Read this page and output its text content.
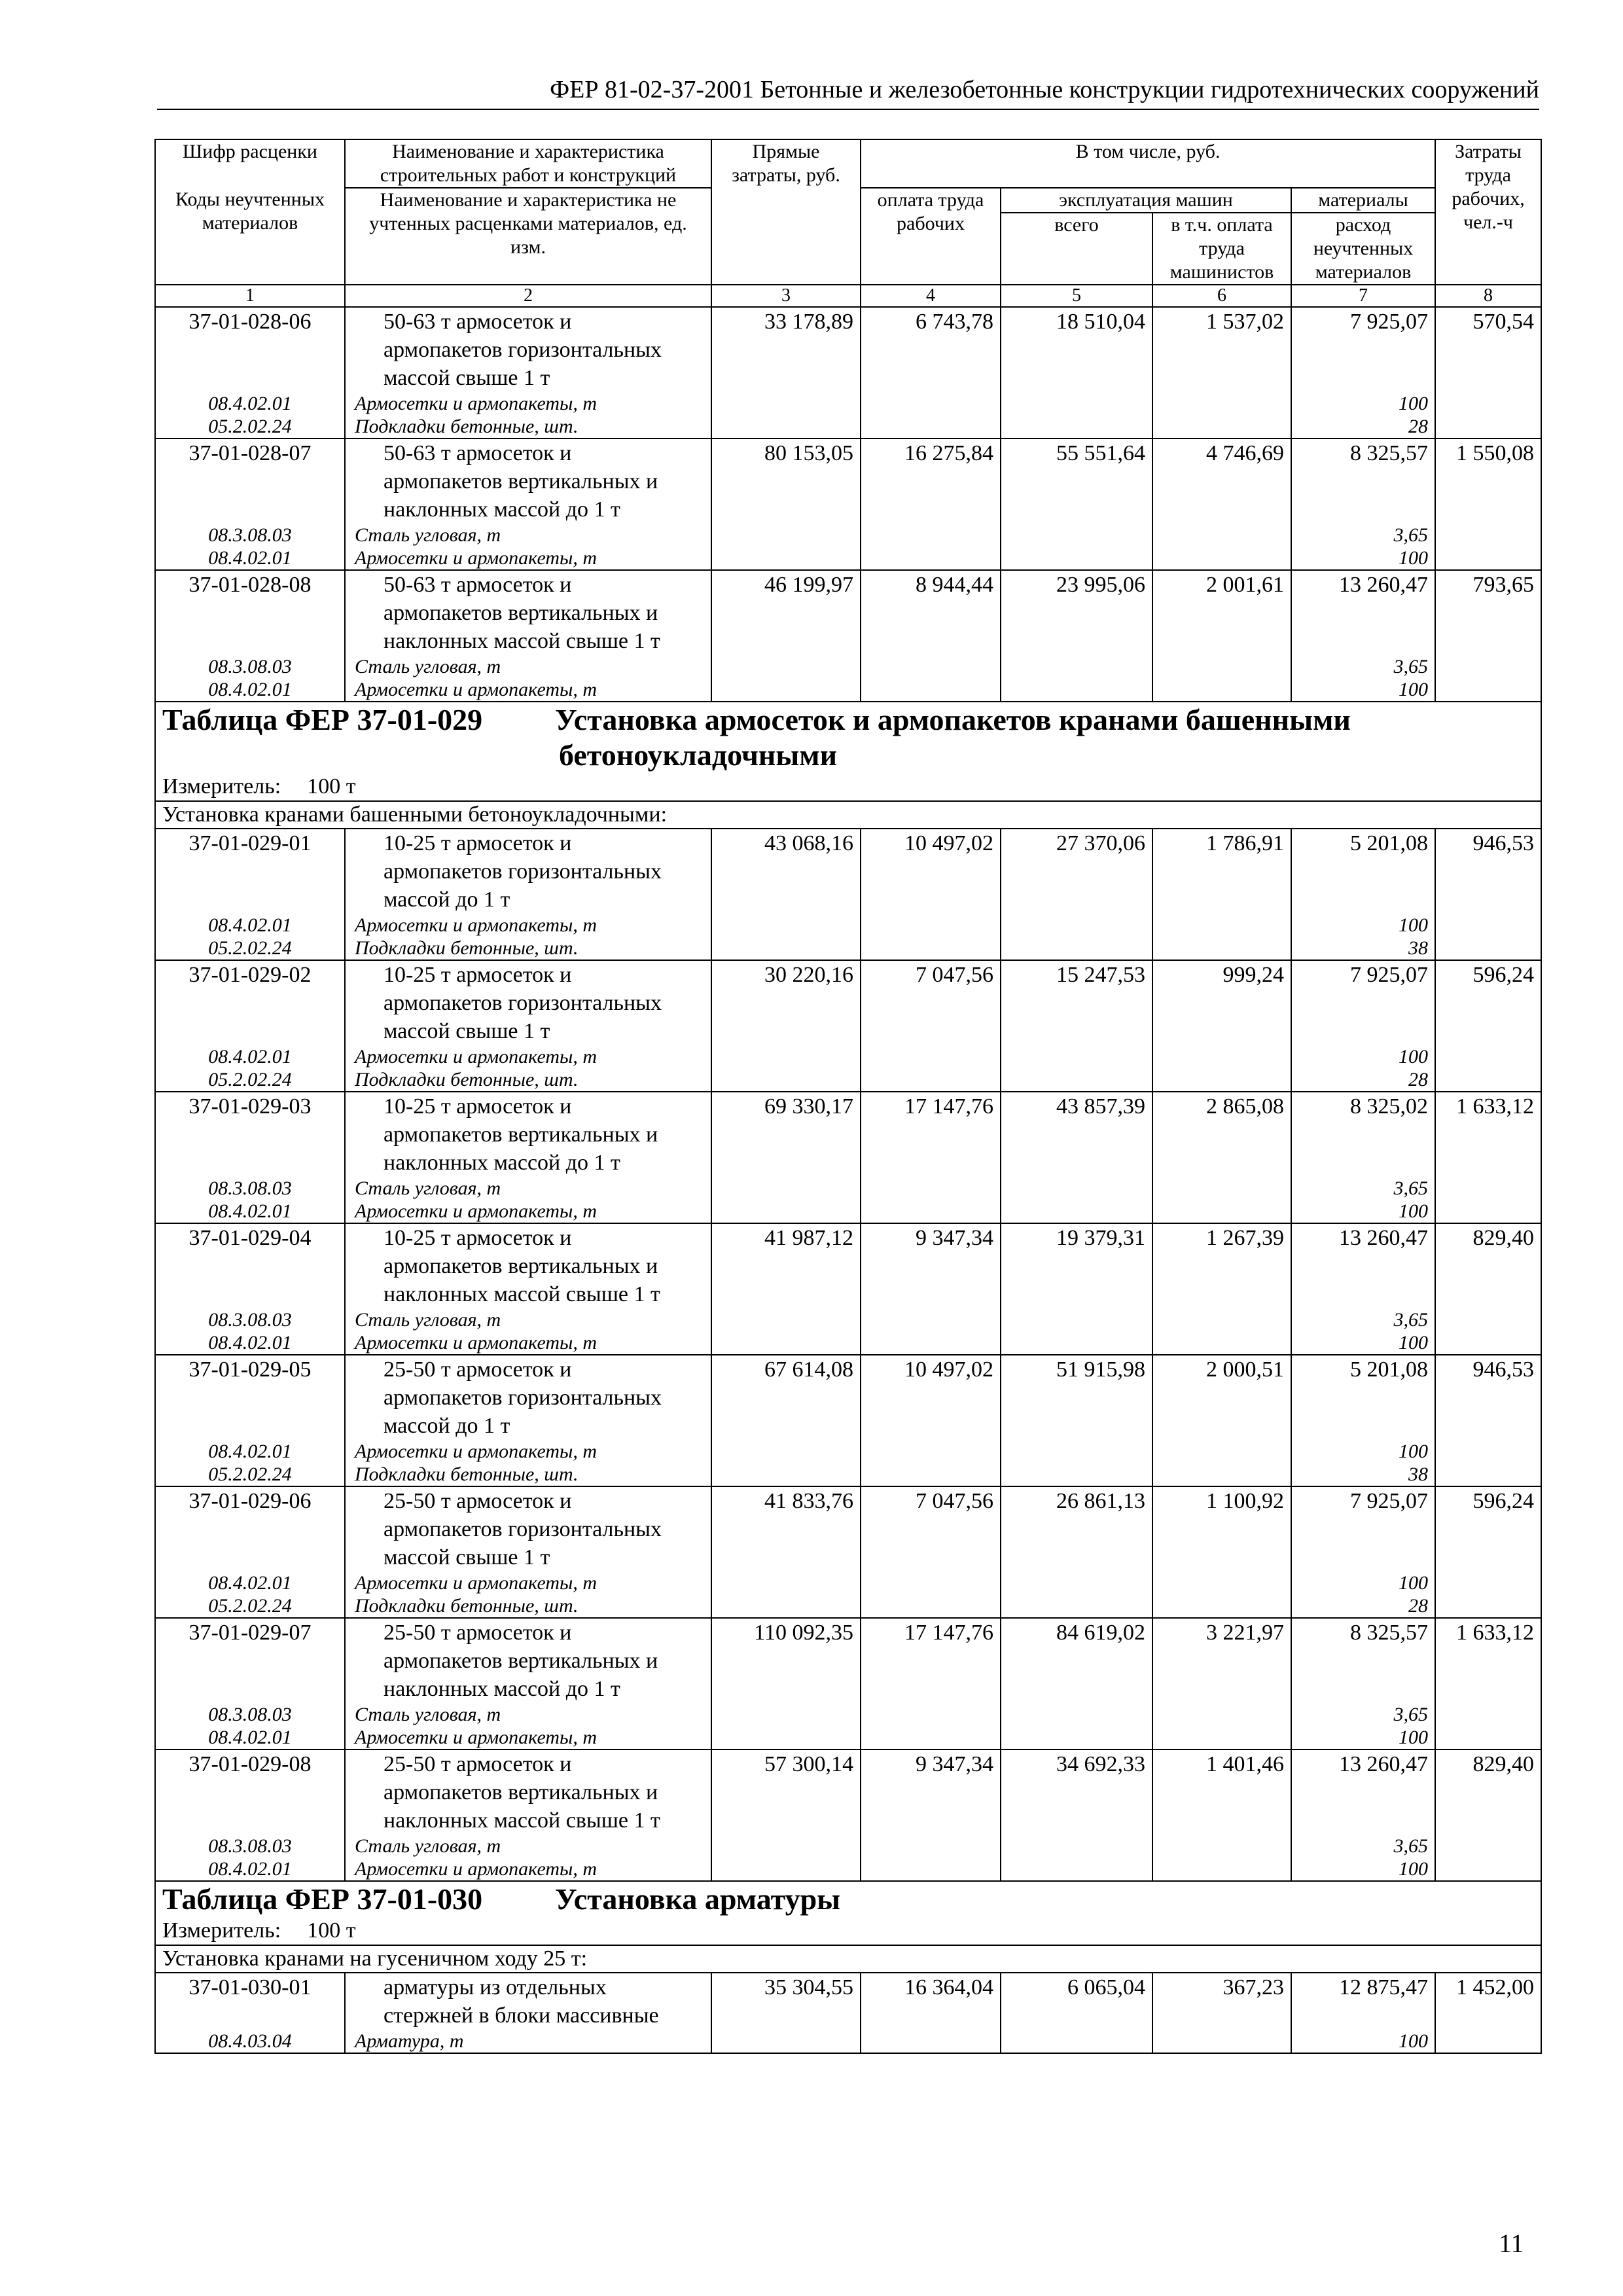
ФЕР 81-02-37-2001 Бетонные и железобетонные конструкции гидротехнических сооружений
Шифр расценки	Наименование и характеристика строительных работ и конструкций	Прямые затраты, руб.	В том числе, руб.				Затраты труда рабочих, чел.-ч
Коды неучтенных материалов	Наименование и характеристика не учтенных расценками материалов, ед. изм.						
			оплата труда рабочих	эксплуатация машин		материалы	
				всего	в т.ч. оплата труда машинистов	расход неучтенных материалов	
1	2	3	4	5	6	7	8
37-01-028-06	50-63 т армосеток и
армопакетов горизонтальных
массой свыше 1 т	33 178,89	6 743,78	18 510,04	1 537,02	7 925,07	570,54
08.4.02.01	Армосетки и армопакеты, т					100	
05.2.02.24	Подкладки бетонные, шт.					28	
37-01-028-07	50-63 т армосеток и
армопакетов вертикальных и
наклонных массой до 1 т	80 153,05	16 275,84	55 551,64	4 746,69	8 325,57	1 550,08
08.3.08.03	Сталь угловая, т					3,65	
08.4.02.01	Армосетки и армопакеты, т					100	
37-01-028-08	50-63 т армосеток и
армопакетов вертикальных и
наклонных массой свыше 1 т	46 199,97	8 944,44	23 995,06	2 001,61	13 260,47	793,65
08.3.08.03	Сталь угловая, т					3,65	
08.4.02.01	Армосетки и армопакеты, т					100	

Таблица ФЕР 37-01-029 Установка армосеток и армопакетов кранами башенными
бетоноукладочными							

Измеритель: 100 т							
Установка кранами башенными бетоноукладочными:							
37-01-029-01	10-25 т армосеток и
армопакетов горизонтальных
массой до 1 т	43 068,16	10 497,02	27 370,06	1 786,91	5 201,08	946,53
08.4.02.01	Армосетки и армопакеты, т					100	
05.2.02.24	Подкладки бетонные, шт.					38	
37-01-029-02	10-25 т армосеток и
армопакетов горизонтальных
массой свыше 1 т	30 220,16	7 047,56	15 247,53	999,24	7 925,07	596,24
08.4.02.01	Армосетки и армопакеты, т					100	
05.2.02.24	Подкладки бетонные, шт.					28	
37-01-029-03	10-25 т армосеток и
армопакетов вертикальных и
наклонных массой до 1 т	69 330,17	17 147,76	43 857,39	2 865,08	8 325,02	1 633,12
08.3.08.03	Сталь угловая, т					3,65	
08.4.02.01	Армосетки и армопакеты, т					100	
37-01-029-04	10-25 т армосеток и
армопакетов вертикальных и
наклонных массой свыше 1 т	41 987,12	9 347,34	19 379,31	1 267,39	13 260,47	829,40
08.3.08.03	Сталь угловая, т					3,65	
08.4.02.01	Армосетки и армопакеты, т					100	
37-01-029-05	25-50 т армосеток и
армопакетов горизонтальных
массой до 1 т	67 614,08	10 497,02	51 915,98	2 000,51	5 201,08	946,53
08.4.02.01	Армосетки и армопакеты, т					100	
05.2.02.24	Подкладки бетонные, шт.					38	
37-01-029-06	25-50 т армосеток и
армопакетов горизонтальных
массой свыше 1 т	41 833,76	7 047,56	26 861,13	1 100,92	7 925,07	596,24
08.4.02.01	Армосетки и армопакеты, т					100	
05.2.02.24	Подкладки бетонные, шт.					28	
37-01-029-07	25-50 т армосеток и
армопакетов вертикальных и
наклонных массой до 1 т	110 092,35	17 147,76	84 619,02	3 221,97	8 325,57	1 633,12
08.3.08.03	Сталь угловая, т					3,65	
08.4.02.01	Армосетки и армопакеты, т					100	
37-01-029-08	25-50 т армосеток и
армопакетов вертикальных и
наклонных массой свыше 1 т	57 300,14	9 347,34	34 692,33	1 401,46	13 260,47	829,40
08.3.08.03	Сталь угловая, т					3,65	
08.4.02.01	Армосетки и армопакеты, т					100	

Таблица ФЕР 37-01-030 Установка арматуры							

Измеритель: 100 т							
Установка кранами на гусеничном ходу 25 т:							
37-01-030-01	арматуры из отдельных
стержней в блоки массивные	35 304,55	16 364,04	6 065,04	367,23	12 875,47	1 452,00
08.4.03.04	Арматура, т					100	
11
